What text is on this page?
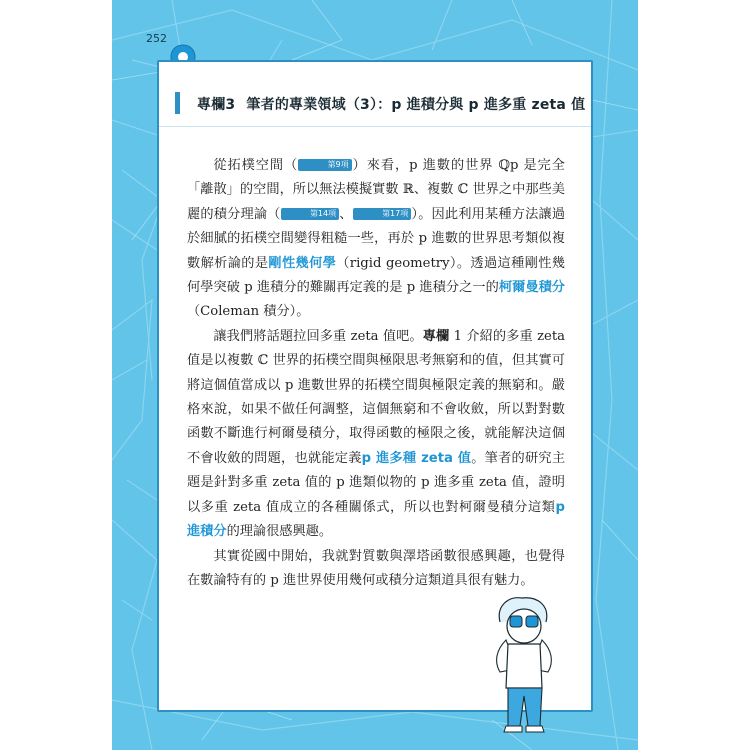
252
專欄3 筆者的專業領域（3）：p 進積分與 p 進多重 zeta 值

從拓樸空間（	第9項 ）來看，p 進數的世界 ℚp 是完全「離散」的空間，所以無法模擬實數 ℝ、複數 ℂ 世界之中那些美麗的積分理論（	第14項 、	第17項 ）。因此利用某種方法讓過於細膩的拓樸空間變得粗糙一些，再於 p 進數的世界思考類似複數解析論的是剛性幾何學（rigid geometry）。透過這種剛性幾何學突破 p 進積分的難關再定義的是 p 進積分之一的柯爾曼積分（Coleman 積分）。

讓我們將話題拉回多重 zeta 值吧。專欄 1 介紹的多重 zeta 值是以複數 ℂ 世界的拓樸空間與極限思考無窮和的值，但其實可將這個值當成以 p 進數世界的拓樸空間與極限定義的無窮和。嚴格來說，如果不做任何調整，這個無窮和不會收斂，所以對對數函數不斷進行柯爾曼積分，取得函數的極限之後，就能解決這個不會收斂的問題，也就能定義p 進多種 zeta 值。筆者的研究主題是針對多重 zeta 值的 p 進類似物的 p 進多重 zeta 值，證明以多重 zeta 值成立的各種關係式，所以也對柯爾曼積分這類p 進積分的理論很感興趣。

其實從國中開始，我就對質數與澤塔函數很感興趣，也覺得在數論特有的 p 進世界使用幾何或積分這類道具很有魅力。
